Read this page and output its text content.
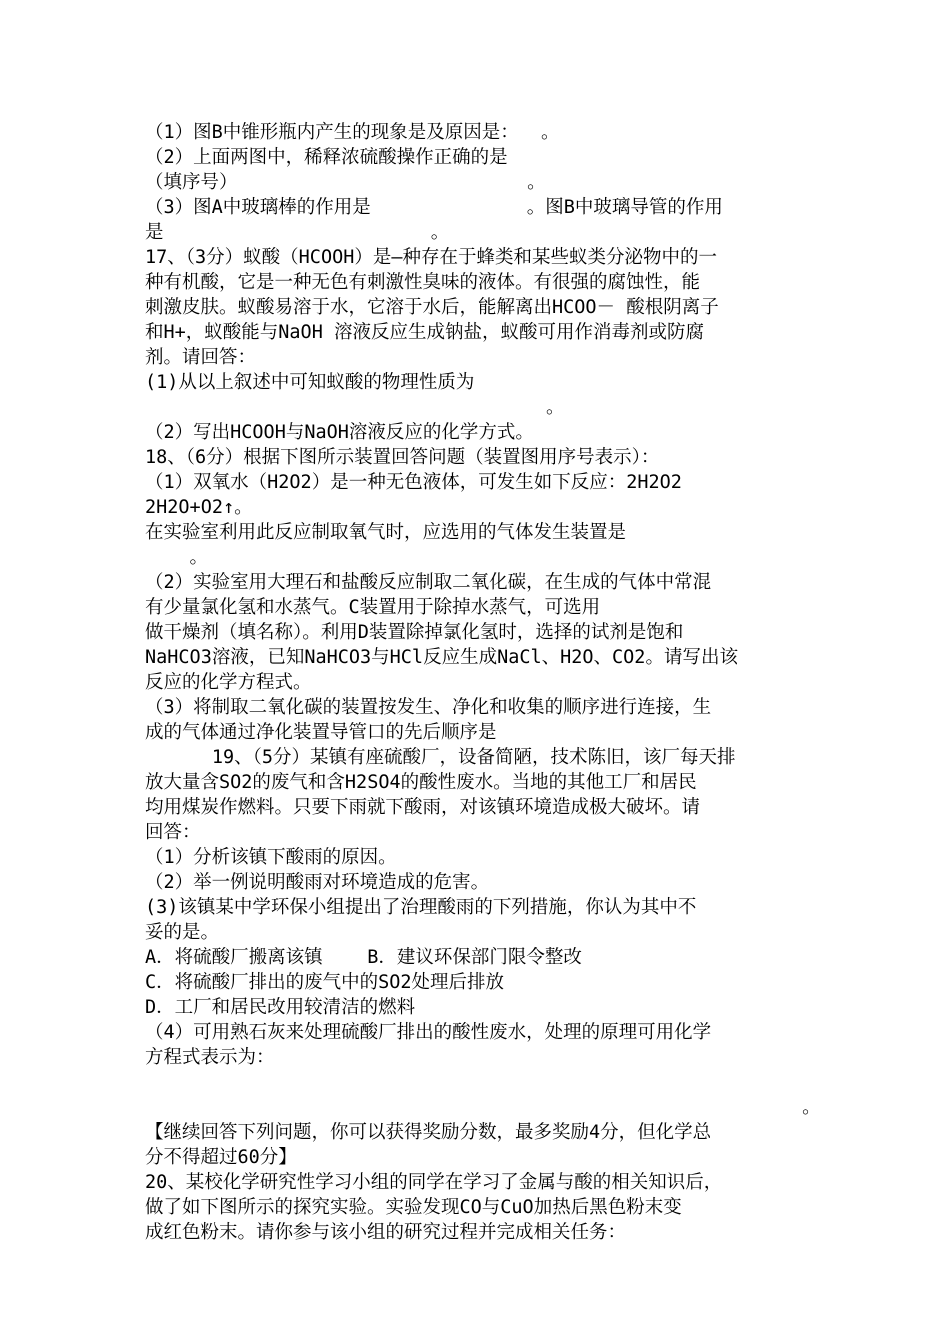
（1）图B中锥形瓶内产生的现象是及原因是：  。
（2）上面两图中，稀释浓硫酸操作正确的是
（填序号）                          。
（3）图A中玻璃棒的作用是              。图B中玻璃导管的作用
是                        。
17、（3分）蚁酸（HCOOH）是—种存在于蜂类和某些蚁类分泌物中的一
种有机酸，它是一种无色有刺激性臭味的液体。有很强的腐蚀性，能
刺激皮肤。蚁酸易溶于水，它溶于水后，能解离出HCOO－ 酸根阴离子
和H+，蚁酸能与NaOH 溶液反应生成钠盐，蚁酸可用作消毒剂或防腐
剂。请回答：
(1)从以上叙述中可知蚁酸的物理性质为
。
（2）写出HCOOH与NaOH溶液反应的化学方式。
18、（6分）根据下图所示装置回答问题（装置图用序号表示）：
（1）双氧水（H2O2）是一种无色液体，可发生如下反应：2H2O2
2H2O+O2↑。
在实验室利用此反应制取氧气时，应选用的气体发生装置是
。
（2）实验室用大理石和盐酸反应制取二氧化碳，在生成的气体中常混
有少量氯化氢和水蒸气。C装置用于除掉水蒸气，可选用
做干燥剂（填名称）。利用D装置除掉氯化氢时，选择的试剂是饱和
NaHCO3溶液，已知NaHCO3与HCl反应生成NaCl、H2O、CO2。请写出该
反应的化学方程式。
（3）将制取二氧化碳的装置按发生、净化和收集的顺序进行连接，生
成的气体通过净化装置导管口的先后顺序是
19、（5分）某镇有座硫酸厂，设备简陋，技术陈旧，该厂每天排
放大量含SO2的废气和含H2SO4的酸性废水。当地的其他工厂和居民
均用煤炭作燃料。只要下雨就下酸雨，对该镇环境造成极大破坏。请
回答：
（1）分析该镇下酸雨的原因。
（2）举一例说明酸雨对环境造成的危害。
(3)该镇某中学环保小组提出了治理酸雨的下列措施，你认为其中不
妥的是。
A．将硫酸厂搬离该镇    B．建议环保部门限令整改
C．将硫酸厂排出的废气中的SO2处理后排放
D．工厂和居民改用较清洁的燃料
（4）可用熟石灰来处理硫酸厂排出的酸性废水，处理的原理可用化学
方程式表示为：
。
【继续回答下列问题，你可以获得奖励分数，最多奖励4分，但化学总
分不得超过60分】
20、某校化学研究性学习小组的同学在学习了金属与酸的相关知识后，
做了如下图所示的探究实验。实验发现CO与CuO加热后黑色粉末变
成红色粉末。请你参与该小组的研究过程并完成相关任务：
